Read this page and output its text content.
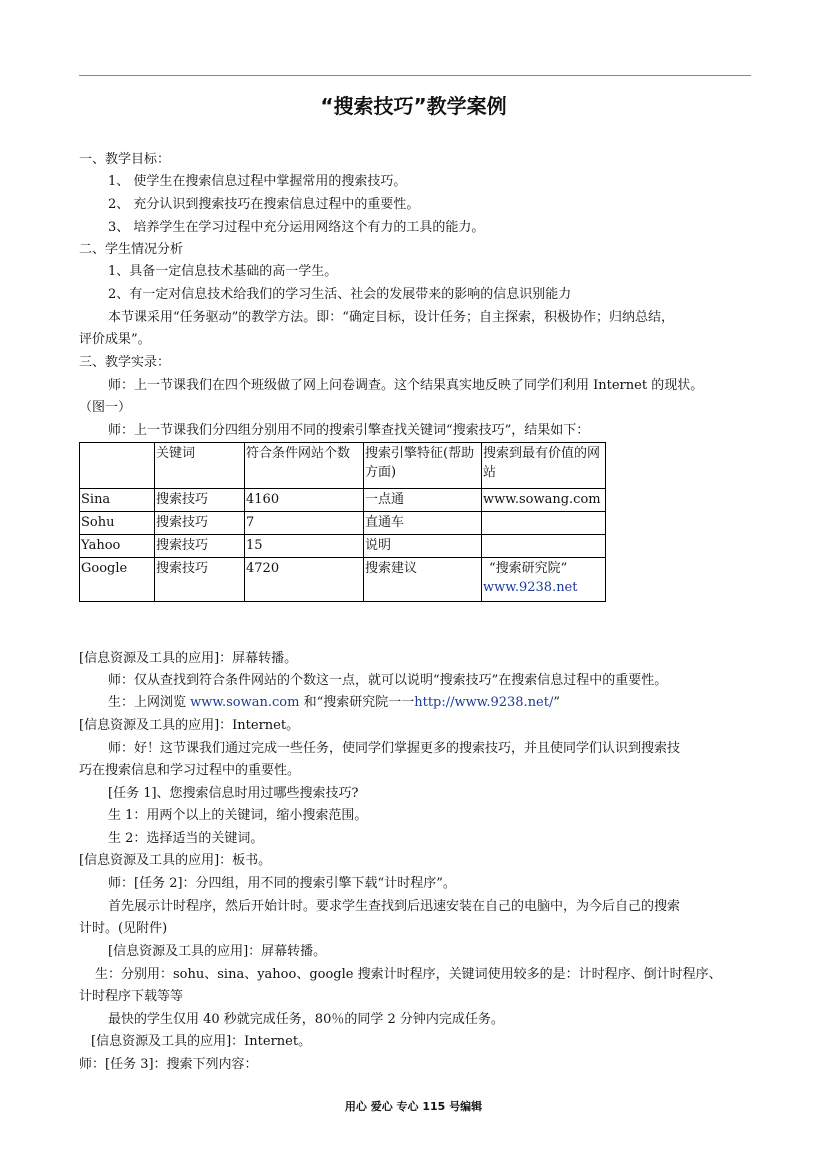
“搜索技巧”教学案例
一、教学目标：
1、 使学生在搜索信息过程中掌握常用的搜索技巧。
2、 充分认识到搜索技巧在搜索信息过程中的重要性。
3、 培养学生在学习过程中充分运用网络这个有力的工具的能力。
二、学生情况分析
1、具备一定信息技术基础的高一学生。
2、有一定对信息技术给我们的学习生活、社会的发展带来的影响的信息识别能力
本节课采用“任务驱动”的教学方法。即：“确定目标，设计任务；自主探索，积极协作；归纳总结，
评价成果”。
三、教学实录：
师：上一节课我们在四个班级做了网上问卷调查。这个结果真实地反映了同学们利用 Internet 的现状。
（图一）
师：上一节课我们分四组分别用不同的搜索引擎查找关键词“搜索技巧”，结果如下：
	关键词	符合条件网站个数	搜索引擎特征(帮助方面)	搜索到最有价值的网站
Sina	搜索技巧	4160	一点通	www.sowang.com
Sohu	搜索技巧	7	直通车	
Yahoo	搜索技巧	15	说明	
Google	搜索技巧	4720	搜索建议	“搜索研究院”
www.9238.net
[信息资源及工具的应用]：屏幕转播。
师：仅从查找到符合条件网站的个数这一点，就可以说明“搜索技巧”在搜索信息过程中的重要性。
生：上网浏览 www.sowan.com 和“搜索研究院一一http://www.9238.net/”
[信息资源及工具的应用]：Internet。
师：好！这节课我们通过完成一些任务，使同学们掌握更多的搜索技巧，并且使同学们认识到搜索技
巧在搜索信息和学习过程中的重要性。
[任务 1]、您搜索信息时用过哪些搜索技巧?
生 1：用两个以上的关键词，缩小搜索范围。
生 2：选择适当的关键词。
[信息资源及工具的应用]：板书。
师：[任务 2]：分四组，用不同的搜索引擎下载“计时程序”。
首先展示计时程序，然后开始计时。要求学生查找到后迅速安装在自己的电脑中，为今后自己的搜索
计时。(见附件)
[信息资源及工具的应用]：屏幕转播。
生：分别用：sohu、sina、yahoo、google 搜索计时程序，关键词使用较多的是：计时程序、倒计时程序、
计时程序下载等等
最快的学生仅用 40 秒就完成任务，80％的同学 2 分钟内完成任务。
[信息资源及工具的应用]：Internet。
师：[任务 3]：搜索下列内容：
用心 爱心 专心 115 号编辑
